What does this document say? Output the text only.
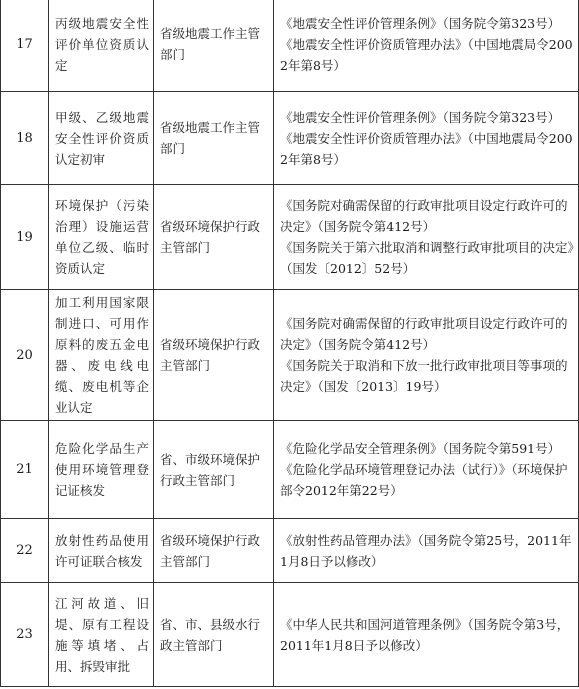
17	丙级地震安全性评价单位资质认定	省级地震工作主管部门	《地震安全性评价管理条例》（国务院令第323号）
《地震安全性评价资质管理办法》（中国地震局令2002年第8号）

18	甲级、乙级地震安全性评价资质认定初审	省级地震工作主管部门	《地震安全性评价管理条例》（国务院令第323号）
《地震安全性评价资质管理办法》（中国地震局令2002年第8号）

19	环境保护（污染治理）设施运营单位乙级、临时资质认定	省级环境保护行政主管部门	《国务院对确需保留的行政审批项目设定行政许可的决定》（国务院令第412号）
《国务院关于第六批取消和调整行政审批项目的决定》（国发〔2012〕52号）

20	加工利用国家限制进口、可用作原料的废五金电器、废电线电缆、废电机等企业认定	省级环境保护行政主管部门	《国务院对确需保留的行政审批项目设定行政许可的决定》（国务院令第412号）
《国务院关于取消和下放一批行政审批项目等事项的决定》（国发〔2013〕19号）

21	危险化学品生产使用环境管理登记证核发	省、市级环境保护行政主管部门	《危险化学品安全管理条例》（国务院令第591号）
《危险化学品环境管理登记办法（试行）》（环境保护部令2012年第22号）

22	放射性药品使用许可证联合核发	省级环境保护行政主管部门	《放射性药品管理办法》（国务院令第25号，2011年1月8日予以修改）

23	江河故道、旧堤、原有工程设施等填堵、占用、拆毁审批	省、市、县级水行政主管部门	《中华人民共和国河道管理条例》（国务院令第3号，2011年1月8日予以修改）
